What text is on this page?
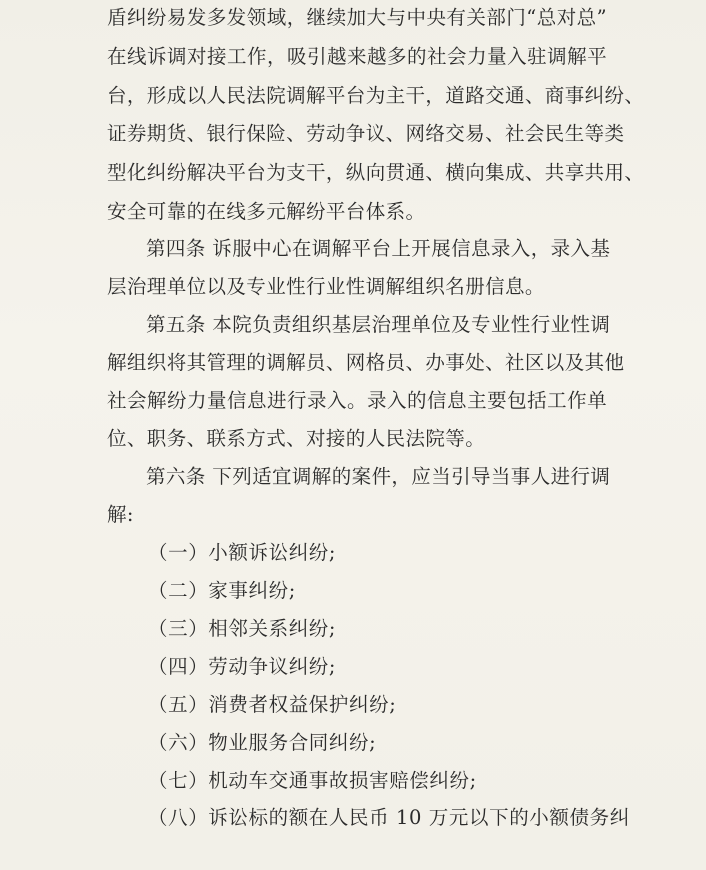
盾纠纷易发多发领域，继续加大与中央有关部门“总对总”
在线诉调对接工作，吸引越来越多的社会力量入驻调解平
台，形成以人民法院调解平台为主干，道路交通、商事纠纷、
证券期货、银行保险、劳动争议、网络交易、社会民生等类
型化纠纷解决平台为支干，纵向贯通、横向集成、共享共用、
安全可靠的在线多元解纷平台体系。
第四条 诉服中心在调解平台上开展信息录入，录入基
层治理单位以及专业性行业性调解组织名册信息。
第五条 本院负责组织基层治理单位及专业性行业性调
解组织将其管理的调解员、网格员、办事处、社区以及其他
社会解纷力量信息进行录入。录入的信息主要包括工作单
位、职务、联系方式、对接的人民法院等。
第六条 下列适宜调解的案件，应当引导当事人进行调
解:
（一）小额诉讼纠纷;
（二）家事纠纷;
（三）相邻关系纠纷;
（四）劳动争议纠纷;
（五）消费者权益保护纠纷;
（六）物业服务合同纠纷;
（七）机动车交通事故损害赔偿纠纷;
（八）诉讼标的额在人民币 10 万元以下的小额债务纠
